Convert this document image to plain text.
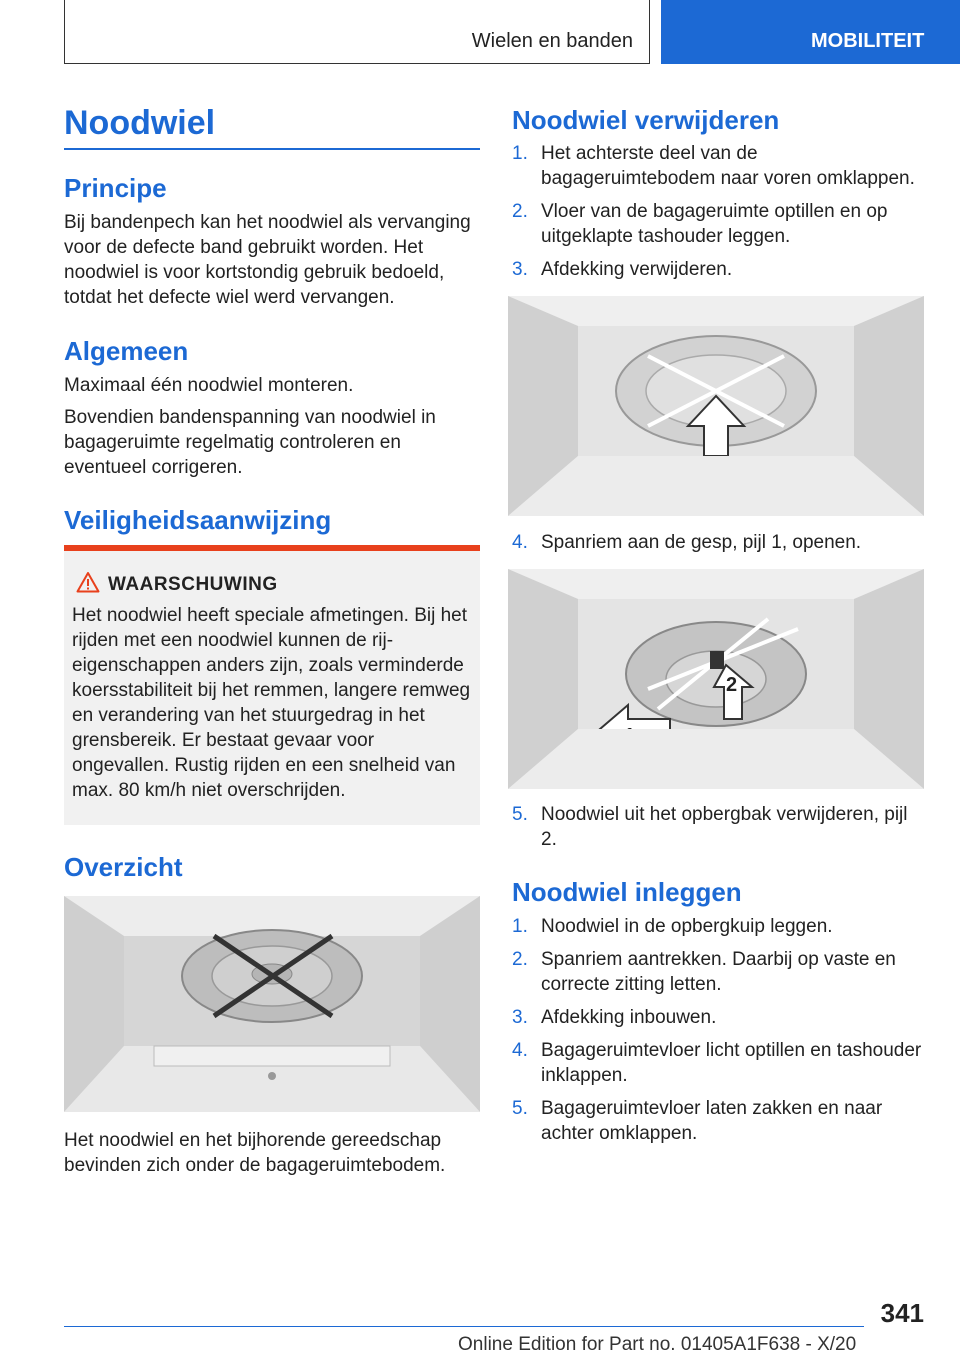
Wielen en banden	MOBILITEIT
Noodwiel
Principe
Bij bandenpech kan het noodwiel als vervanging voor de defecte band gebruikt worden. Het noodwiel is voor kortstondig gebruik bedoeld, totdat het defecte wiel werd vervangen.
Algemeen
Maximaal één noodwiel monteren.
Bovendien bandenspanning van noodwiel in bagageruimte regelmatig controleren en eventueel corrigeren.
Veiligheidsaanwijzing
WAARSCHUWING
Het noodwiel heeft speciale afmetingen. Bij het rijden met een noodwiel kunnen de rij-eigenschappen anders zijn, zoals verminderde koersstabiliteit bij het remmen, langere remweg en verandering van het stuurgedrag in het grensbereik. Er bestaat gevaar voor ongevallen. Rustig rijden en een snelheid van max. 80 km/h niet overschrijden.
Overzicht
Het noodwiel en het bijhorende gereedschap bevinden zich onder de bagageruimtebodem.
Noodwiel verwijderen
1. Het achterste deel van de bagageruimtebodem naar voren omklappen.
2. Vloer van de bagageruimte optillen en op uitgeklapte tashouder leggen.
3. Afdekking verwijderen.
4. Spanriem aan de gesp, pijl 1, openen.
2
5. Noodwiel uit het opbergbak verwijderen, pijl 2.
Noodwiel inleggen
1. Noodwiel in de opbergkuip leggen.
2. Spanriem aantrekken. Daarbij op vaste en correcte zitting letten.
3. Afdekking inbouwen.
4. Bagageruimtevloer licht optillen en tashouder inklappen.
5. Bagageruimtevloer laten zakken en naar achter omklappen.
341
Online Edition for Part no. 01405A1F638 - X/20
